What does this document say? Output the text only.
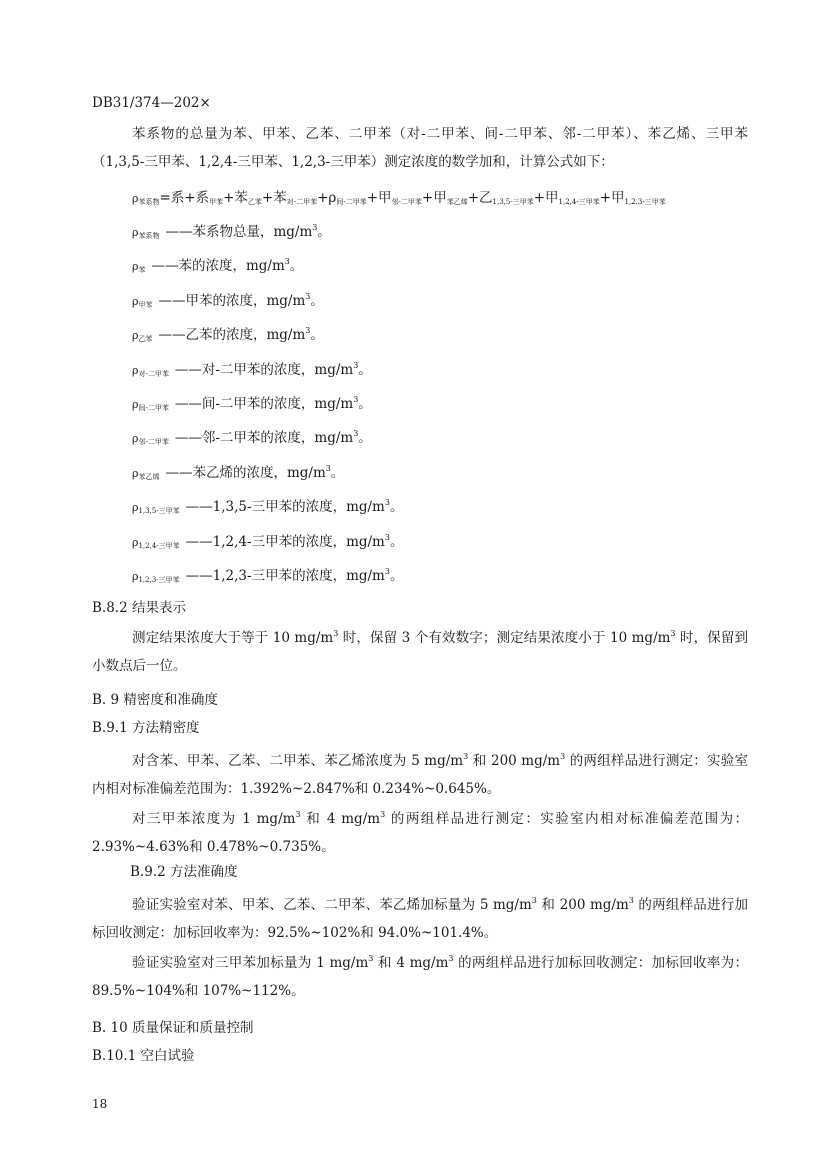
DB31/374—202×
苯系物的总量为苯、甲苯、乙苯、二甲苯（对-二甲苯、间-二甲苯、邻-二甲苯）、苯乙烯、三甲苯（1,3,5-三甲苯、1,2,4-三甲苯、1,2,3-三甲苯）测定浓度的数学加和，计算公式如下：
$\rho_{苯系物}=$系+系$_{甲苯}$+苯$_{乙苯}$+苯$_{对-二甲苯}+\rho_{间-二甲苯}+$甲$_{邻-二甲苯}$+甲$_{苯乙烯}$+乙$_{1,3,5-三甲苯}$+甲$_{1,2,4-三甲苯}$+甲$_{1,2,3-三甲苯}$
$\rho_{苯系物}$ ——苯系物总量，$mg/m^3$。
$\rho_苯$ ——苯的浓度，$mg/m^3$。
$\rho_{甲苯}$ ——甲苯的浓度，$mg/m^3$。
$\rho_{乙苯}$ ——乙苯的浓度，$mg/m^3$。
$\rho_{对-二甲苯}$ ——对-二甲苯的浓度，$mg/m^3$。
$\rho_{间-二甲苯}$ ——间-二甲苯的浓度，$mg/m^3$。
$\rho_{邻-二甲苯}$ ——邻-二甲苯的浓度，$mg/m^3$。
$\rho_{苯乙烯}$ ——苯乙烯的浓度，$mg/m^3$。
$\rho_{1,3,5-三甲苯}$ ——1,3,5-三甲苯的浓度，$mg/m^3$。
$\rho_{1,2,4-三甲苯}$ ——1,2,4-三甲苯的浓度，$mg/m^3$。
$\rho_{1,2,3-三甲苯}$ ——1,2,3-三甲苯的浓度，$mg/m^3$。
B.8.2 结果表示
测定结果浓度大于等于 10 $mg/m^3$ 时，保留 3 个有效数字；测定结果浓度小于 10 $mg/m^3$ 时，保留到小数点后一位。
B. 9 精密度和准确度
B.9.1 方法精密度
对含苯、甲苯、乙苯、二甲苯、苯乙烯浓度为 5 $mg/m^3$ 和 200 $mg/m^3$ 的两组样品进行测定：实验室内相对标准偏差范围为：1.392%~2.847%和 0.234%~0.645%。
对三甲苯浓度为 1 $mg/m^3$ 和 4 $mg/m^3$ 的两组样品进行测定：实验室内相对标准偏差范围为：2.93%~4.63%和 0.478%~0.735%。
B.9.2 方法准确度
验证实验室对苯、甲苯、乙苯、二甲苯、苯乙烯加标量为 5 $mg/m^3$ 和 200 $mg/m^3$ 的两组样品进行加标回收测定：加标回收率为：92.5%~102%和 94.0%~101.4%。
验证实验室对三甲苯加标量为 1 $mg/m^3$ 和 4 $mg/m^3$ 的两组样品进行加标回收测定：加标回收率为：89.5%~104%和 107%~112%。
B. 10 质量保证和质量控制
B.10.1 空白试验
18
